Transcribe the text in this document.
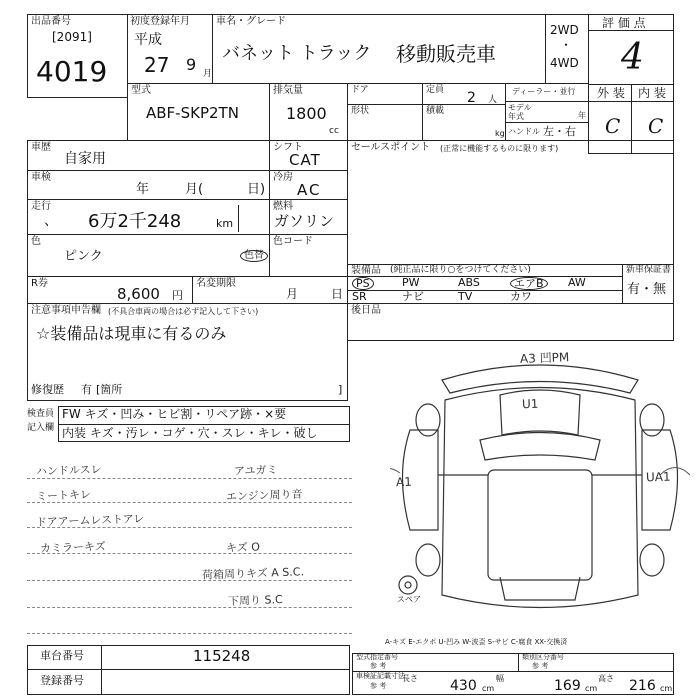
出品番号
[2091]
4019
初度登録年月
平成
27 9 月
車名・グレード
バネット トラック 移動販売車
2WD
・
4WD
評 価 点
4
外 装 内 装
C C
型式
ABF-SKP2TN
排気量
1800
cc
ドア
形状
定員 2 人
積載
kg
ディーラー・並行
モデル
年式	年
ハンドル 左・右
車歴
自家用
車検
年	月(	日)
走行
、 6万2千248	km
色
ピンク	色替
シフト
CAT
冷房
AC
燃料
ガソリン
色コード
R券
8,600 円
名変期限
月	日
注意事項申告欄 (不具合車両の場合は必ず記入して下さい)
☆装備品は現車に有るのみ
修復歴 有 [箇所	]
セールスポイント (正常に機能するものに限ります)
装備品 (純正品に限り○をつけてください)
PS	PW	ABS	エアB	AW
SR	ナビ	TV	カワ
新車保証書
有・無
後日品
検査員
記入欄
FW キズ・凹み・ヒビ割・リペア跡・×要
内装 キズ・汚レ・コゲ・穴・スレ・キレ・破し
ハンドルスレ
ミートキレ
ドアアームレストアレ
カミラーキズ
アユガミ
エンジン周り音
キズ O
荷箱周りキズ A S.C.
下周り S.C
A3 凹PM
U1
A1	UA1
スペア
A-キズ E-エクボ U-凹み W-波歪 S-サビ C-腐食 XX-交換済
車台番号	115248
登録番号
型式指定番号
参 考
類別区分番号
参 考
車検証記載寸法
参 考
長さ 430 cm
幅	169 cm
高さ 216 cm
